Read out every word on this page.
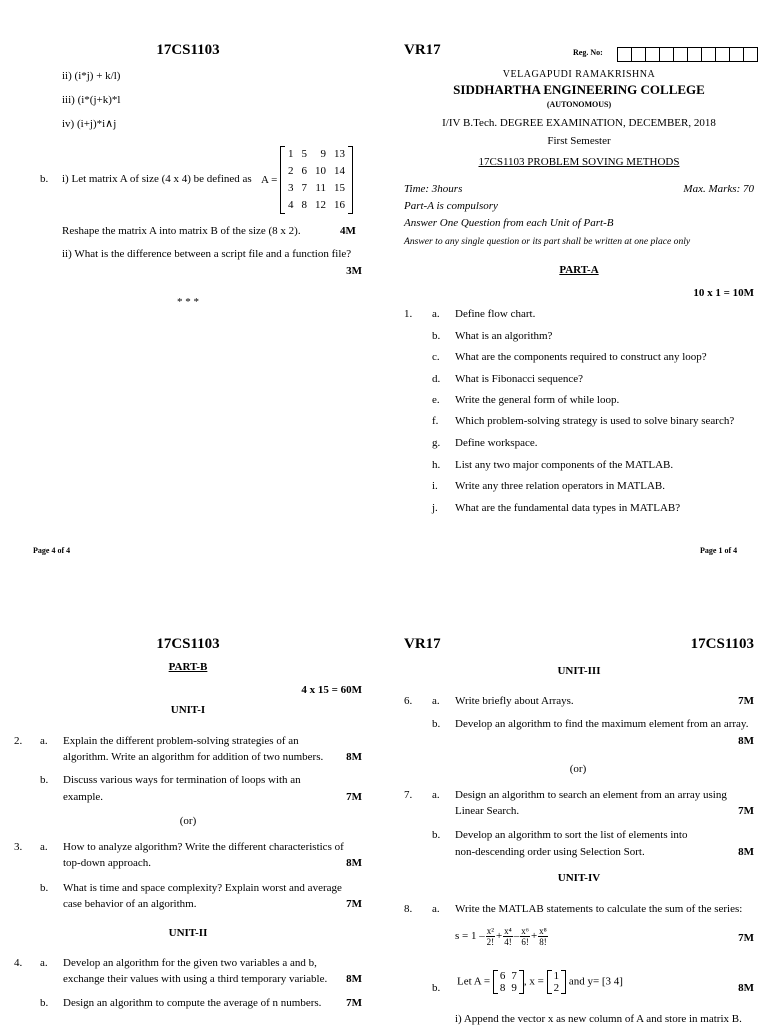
17CS1103
ii) (i*j) + k/l)
iii) (i*(j+k)*l
iv) (i+j)*i∧j
b. i) Let matrix A of size (4 x 4) be defined as A =
1	5	9	13
2	6	10	14
3	7	11	15
4	8	12	16
Reshape the matrix A into matrix B of the size (8 x 2).	4M
ii) What is the difference between a script file and a function file?
3M
* * *
Page 4 of 4
VR17	Reg. No:
VELAGAPUDI RAMAKRISHNA
SIDDHARTHA ENGINEERING COLLEGE
(AUTONOMOUS)
I/IV B.Tech. DEGREE EXAMINATION, DECEMBER, 2018
First Semester
17CS1103 PROBLEM SOVING METHODS
Time: 3hours	Max. Marks: 70
Part-A is compulsory
Answer One Question from each Unit of Part-B
Answer to any single question or its part shall be written at one place only
PART-A
10 x 1 = 10M
1. a. Define flow chart.
b. What is an algorithm?
c. What are the components required to construct any loop?
d. What is Fibonacci sequence?
e. Write the general form of while loop.
f. Which problem-solving strategy is used to solve binary search?
g. Define workspace.
h. List any two major components of the MATLAB.
i. Write any three relation operators in MATLAB.
j. What are the fundamental data types in MATLAB?
Page 1 of 4
17CS1103
PART-B
4 x 15 = 60M
UNIT-I
2. a. Explain the different problem-solving strategies of an
algorithm. Write an algorithm for addition of two numbers.	8M
b. Discuss various ways for termination of loops with an
example.	7M
(or)
3. a. How to analyze algorithm? Write the different characteristics of
top-down approach.	8M
b. What is time and space complexity? Explain worst and average
case behavior of an algorithm.	7M
UNIT-II
4. a. Develop an algorithm for the given two variables a and b,
exchange their values with using a third temporary variable.	8M
b. Design an algorithm to compute the average of n numbers.	7M
VR17	17CS1103
UNIT-III
6. a. Write briefly about Arrays.	7M
b. Develop an algorithm to find the maximum element from an array.
8M
(or)
7. a. Design an algorithm to search an element from an array using
Linear Search.	7M
b. Develop an algorithm to sort the list of elements into
non-descending order using Selection Sort.	8M
UNIT-IV
8. a. Write the MATLAB statements to calculate the sum of the series:
$s = 1 - \frac{\text{x²}}{2!} + \frac{\text{x⁴}}{4!} - \frac{\text{x⁶}}{6!} + \frac{\text{x⁸}}{8!}$	7M
b.
Let A = 6	7
8	9
, x = 1
2
and y= [3 4]
8M
i) Append the vector x as new column of A and store in matrix B.
